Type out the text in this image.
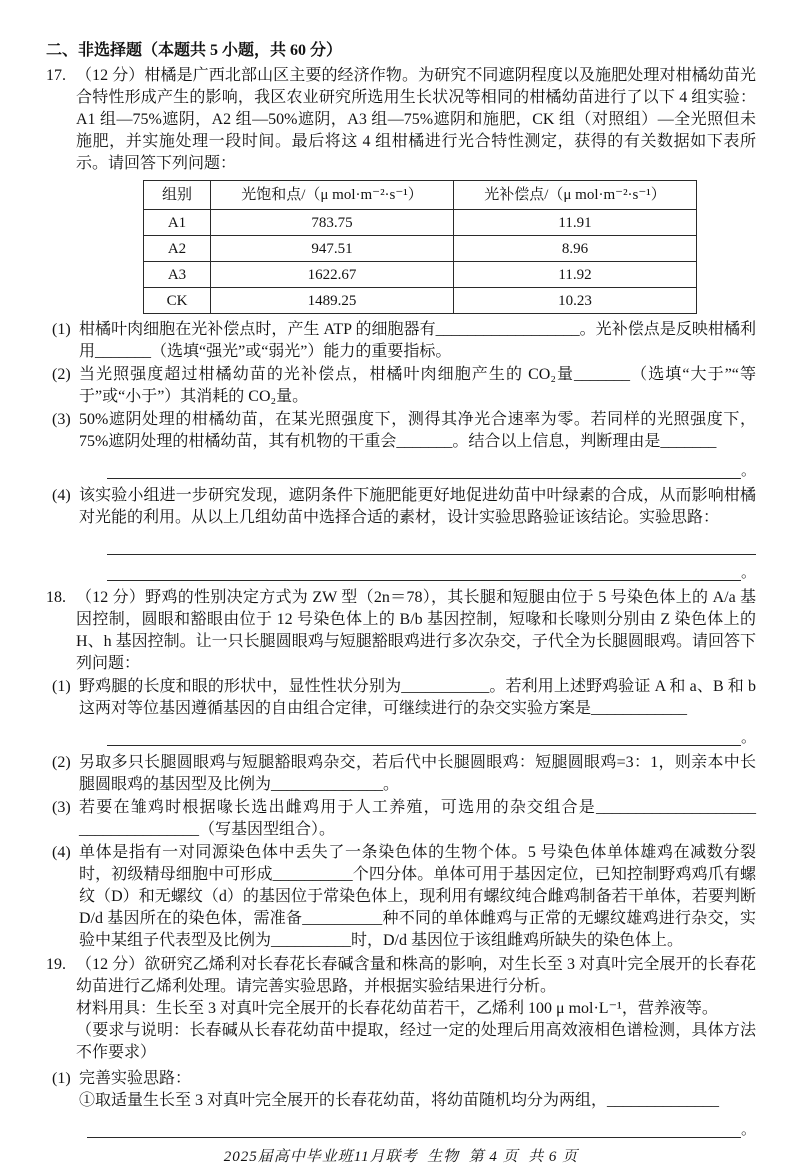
二、非选择题（本题共 5 小题，共 60 分）
17. （12 分）柑橘是广西北部山区主要的经济作物。为研究不同遮阴程度以及施肥处理对柑橘幼苗光合特性形成产生的影响，我区农业研究所选用生长状况等相同的柑橘幼苗进行了以下 4 组实验：A1 组—75%遮阴，A2 组—50%遮阴，A3 组—75%遮阴和施肥，CK 组（对照组）—全光照但未施肥，并实施处理一段时间。最后将这 4 组柑橘进行光合特性测定，获得的有关数据如下表所示。请回答下列问题：
组别	光饱和点/（μ mol·m⁻²·s⁻¹）	光补偿点/（μ mol·m⁻²·s⁻¹）
A1	783.75	11.91
A2	947.51	8.96
A3	1622.67	11.92
CK	1489.25	10.23
(1) 柑橘叶肉细胞在光补偿点时，产生 ATP 的细胞器有__________________。光补偿点是反映柑橘利用_______（选填“强光”或“弱光”）能力的重要指标。
(2) 当光照强度超过柑橘幼苗的光补偿点，柑橘叶肉细胞产生的 CO₂量_______（选填“大于”“等于”或“小于”）其消耗的 CO₂量。
(3) 50%遮阴处理的柑橘幼苗，在某光照强度下，测得其净光合速率为零。若同样的光照强度下，75%遮阴处理的柑橘幼苗，其有机物的干重会_______。结合以上信息，判断理由是_______
。
(4) 该实验小组进一步研究发现，遮阴条件下施肥能更好地促进幼苗中叶绿素的合成，从而影响柑橘对光能的利用。从以上几组幼苗中选择合适的素材，设计实验思路验证该结论。实验思路：
。
18. （12 分）野鸡的性别决定方式为 ZW 型（2n＝78），其长腿和短腿由位于 5 号染色体上的 A/a 基因控制，圆眼和豁眼由位于 12 号染色体上的 B/b 基因控制，短喙和长喙则分别由 Z 染色体上的 H、h 基因控制。让一只长腿圆眼鸡与短腿豁眼鸡进行多次杂交，子代全为长腿圆眼鸡。请回答下列问题：
(1) 野鸡腿的长度和眼的形状中，显性性状分别为___________。若利用上述野鸡验证 A 和 a、B 和 b 这两对等位基因遵循基因的自由组合定律，可继续进行的杂交实验方案是____________
。
(2) 另取多只长腿圆眼鸡与短腿豁眼鸡杂交，若后代中长腿圆眼鸡：短腿圆眼鸡=3：1，则亲本中长腿圆眼鸡的基因型及比例为______________。
(3) 若要在雏鸡时根据喙长选出雌鸡用于人工养殖，可选用的杂交组合是____________________ _______________（写基因型组合）。
(4) 单体是指有一对同源染色体中丢失了一条染色体的生物个体。5 号染色体单体雄鸡在减数分裂时，初级精母细胞中可形成__________个四分体。单体可用于基因定位，已知控制野鸡鸡爪有螺纹（D）和无螺纹（d）的基因位于常染色体上，现利用有螺纹纯合雌鸡制备若干单体，若要判断 D/d 基因所在的染色体，需准备__________种不同的单体雌鸡与正常的无螺纹雄鸡进行杂交，实验中某组子代表型及比例为__________时，D/d 基因位于该组雌鸡所缺失的染色体上。
19. （12 分）欲研究乙烯利对长春花长春碱含量和株高的影响，对生长至 3 对真叶完全展开的长春花幼苗进行乙烯利处理。请完善实验思路，并根据实验结果进行分析。
材料用具：生长至 3 对真叶完全展开的长春花幼苗若干，乙烯利 100 μ mol·L⁻¹，营养液等。
（要求与说明：长春碱从长春花幼苗中提取，经过一定的处理后用高效液相色谱检测，具体方法不作要求）
(1) 完善实验思路：
①取适量生长至 3 对真叶完全展开的长春花幼苗，将幼苗随机均分为两组，______________
。
2025届高中毕业班11月联考  生物  第 4 页  共 6 页
